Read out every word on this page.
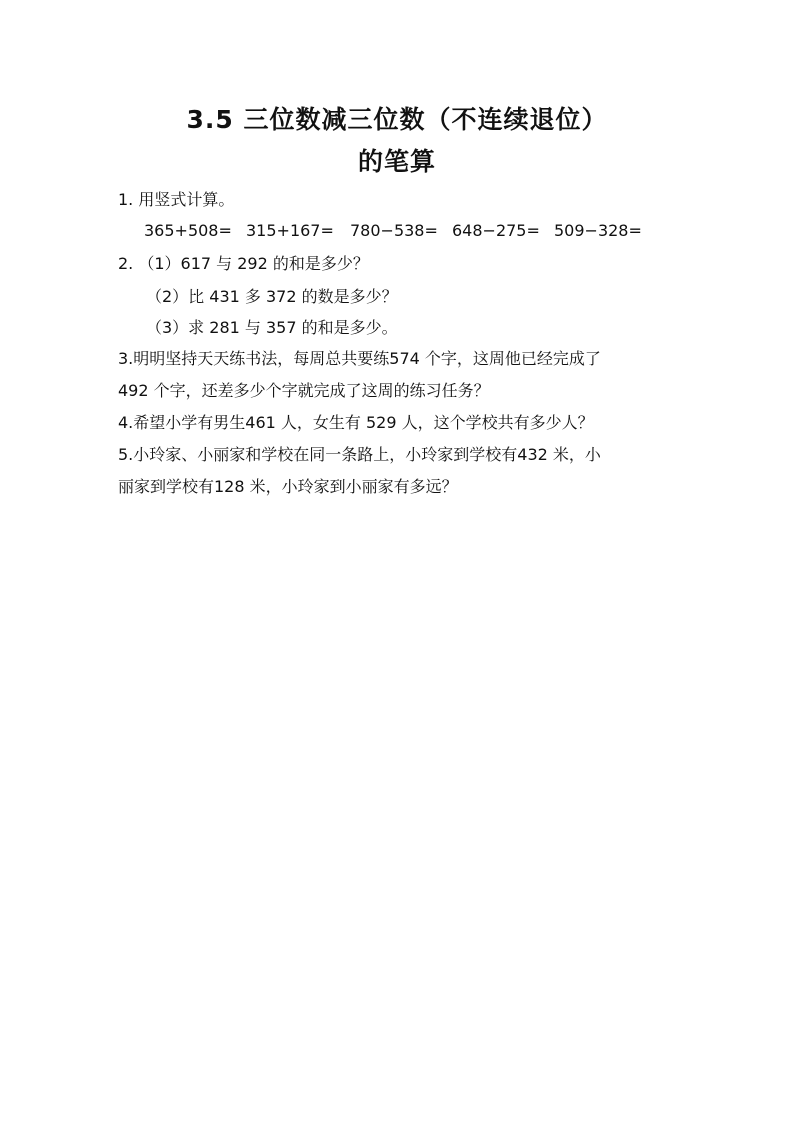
3.5 三位数减三位数（不连续退位）
的笔算
1. 用竖式计算。
365+508= 315+167= 780−538= 648−275= 509−328=
2. （1）617 与 292 的和是多少？
（2）比 431 多 372 的数是多少？
（3）求 281 与 357 的和是多少。
3.明明坚持天天练书法，每周总共要练574 个字，这周他已经完成了
492 个字，还差多少个字就完成了这周的练习任务？
4.希望小学有男生461 人，女生有 529 人，这个学校共有多少人？
5.小玲家、小丽家和学校在同一条路上，小玲家到学校有432 米，小
丽家到学校有128 米，小玲家到小丽家有多远？
